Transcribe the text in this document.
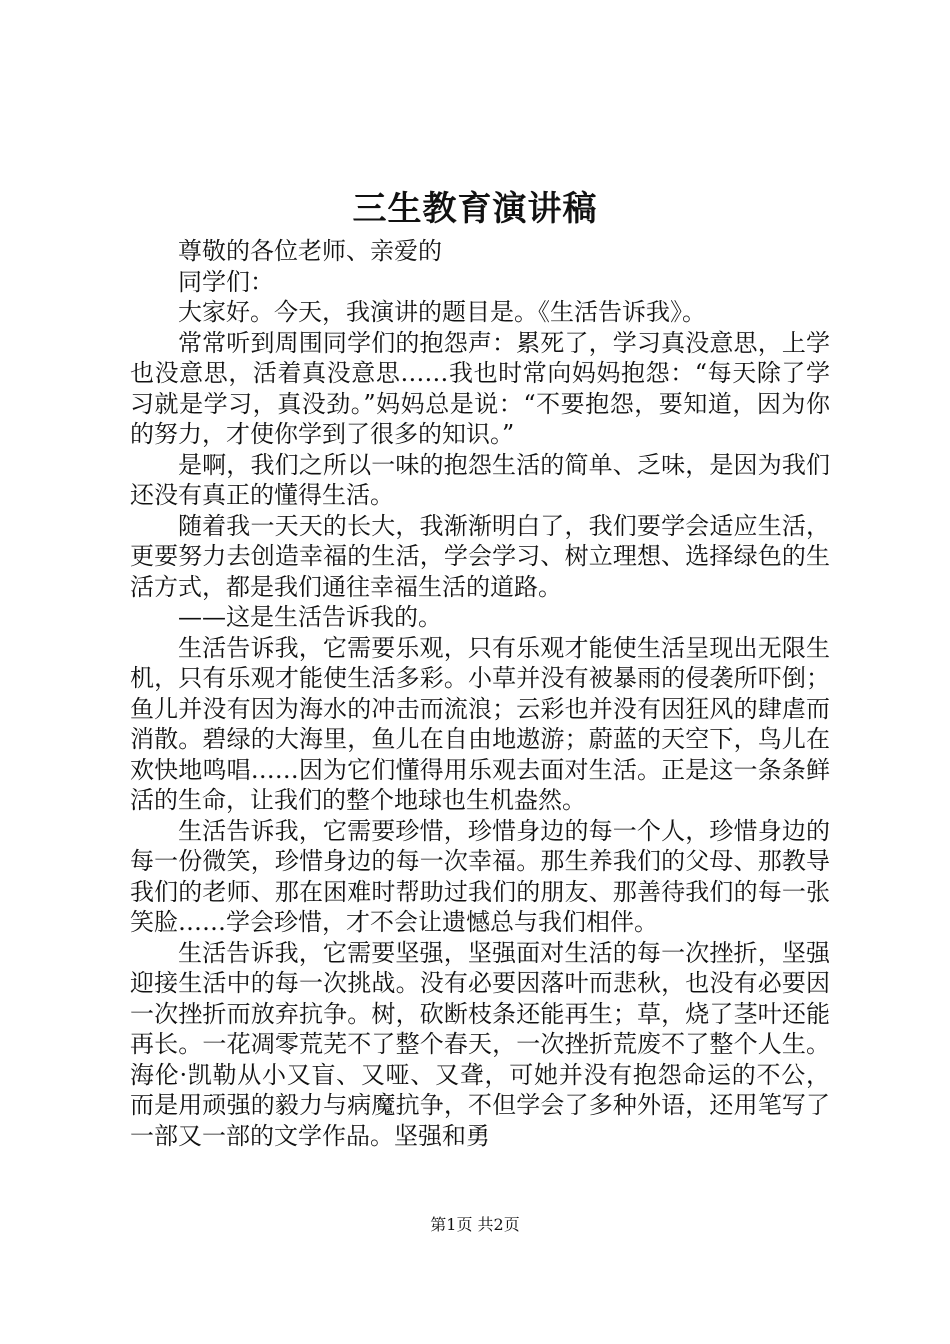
三生教育演讲稿

尊敬的各位老师、亲爱的

同学们：

大家好。今天，我演讲的题目是。《生活告诉我》。

常常听到周围同学们的抱怨声：累死了，学习真没意思，上学也没意思，活着真没意思……我也时常向妈妈抱怨：“每天除了学习就是学习，真没劲。”妈妈总是说：“不要抱怨，要知道，因为你的努力，才使你学到了很多的知识。”

是啊，我们之所以一味的抱怨生活的简单、乏味，是因为我们还没有真正的懂得生活。

随着我一天天的长大，我渐渐明白了，我们要学会适应生活，更要努力去创造幸福的生活，学会学习、树立理想、选择绿色的生活方式，都是我们通往幸福生活的道路。

——这是生活告诉我的。

生活告诉我，它需要乐观，只有乐观才能使生活呈现出无限生机，只有乐观才能使生活多彩。小草并没有被暴雨的侵袭所吓倒；鱼儿并没有因为海水的冲击而流浪；云彩也并没有因狂风的肆虐而消散。碧绿的大海里，鱼儿在自由地遨游；蔚蓝的天空下，鸟儿在欢快地鸣唱……因为它们懂得用乐观去面对生活。正是这一条条鲜活的生命，让我们的整个地球也生机盎然。

生活告诉我，它需要珍惜，珍惜身边的每一个人，珍惜身边的每一份微笑，珍惜身边的每一次幸福。那生养我们的父母、那教导我们的老师、那在困难时帮助过我们的朋友、那善待我们的每一张笑脸……学会珍惜，才不会让遗憾总与我们相伴。

生活告诉我，它需要坚强，坚强面对生活的每一次挫折，坚强迎接生活中的每一次挑战。没有必要因落叶而悲秋，也没有必要因一次挫折而放弃抗争。树，砍断枝条还能再生；草，烧了茎叶还能再长。一花凋零荒芜不了整个春天，一次挫折荒废不了整个人生。海伦·凯勒从小又盲、又哑、又聋，可她并没有抱怨命运的不公，而是用顽强的毅力与病魔抗争，不但学会了多种外语，还用笔写了一部又一部的文学作品。坚强和勇

第1页 共2页
